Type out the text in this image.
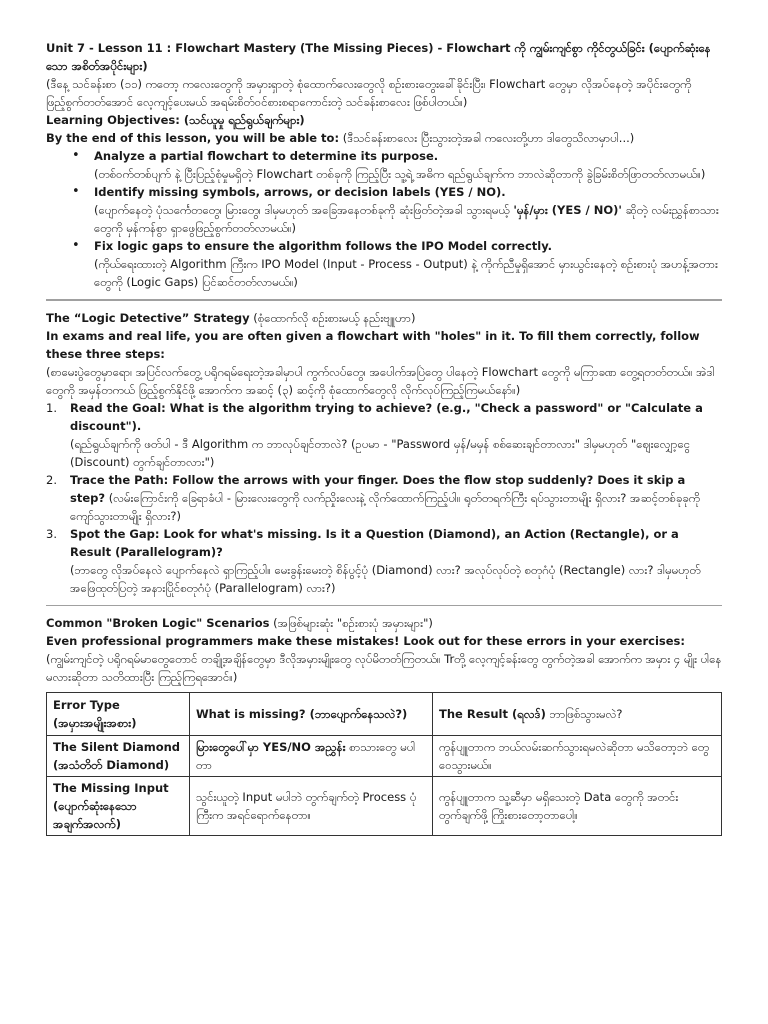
Unit 7 - Lesson 11 : Flowchart Mastery (The Missing Pieces) - Flowchart ကို ကျွမ်းကျင်စွာ ကိုင်တွယ်ခြင်း (ပျောက်ဆုံးနေသော အစိတ်အပိုင်းများ)

(ဒီနေ့ သင်ခန်းစာ (၁၁) ကတော့ ကလေးတွေကို အမှားရှာတဲ့ စုံထောက်လေးတွေလို စဉ်းစားတွေးခေါ်ခိုင်းပြီး၊ Flowchart တွေမှာ လိုအပ်နေတဲ့ အပိုင်းတွေကို ဖြည့်စွက်တတ်အောင် လေ့ကျင့်ပေးမယ် အရမ်းစိတ်ဝင်စားစရာကောင်းတဲ့ သင်ခန်းစာလေး ဖြစ်ပါတယ်။)

Learning Objectives: (သင်ယူမှု ရည်ရွယ်ချက်များ)

By the end of this lesson, you will be able to: (ဒီသင်ခန်းစာလေး ပြီးသွားတဲ့အခါ ကလေးတို့ဟာ ဒါတွေသိလာမှာပါ...)

• Analyze a partial flowchart to determine its purpose.

(တစ်ဝက်တစ်ပျက် နဲ့ ပြီးပြည့်စုံမှုမရှိတဲ့ Flowchart တစ်ခုကို ကြည့်ပြီး သူ့ရဲ့ အဓိက ရည်ရွယ်ချက်က ဘာလဲဆိုတာကို ခွဲခြမ်းစိတ်ဖြာတတ်လာမယ်။)

• Identify missing symbols, arrows, or decision labels (YES / NO).

(ပျောက်နေတဲ့ ပုံသင်္ကေတတွေ၊ မြားတွေ၊ ဒါမှမဟုတ် အခြေအနေတစ်ခုကို ဆုံးဖြတ်တဲ့အခါ သွားရမယ့် 'မှန်/မှား (YES / NO)' ဆိုတဲ့ လမ်းညွှန်စာသားတွေကို မှန်ကန်စွာ ရှာဖွေဖြည့်စွက်တတ်လာမယ်။)

• Fix logic gaps to ensure the algorithm follows the IPO Model correctly.

(ကိုယ်ရေးထားတဲ့ Algorithm ကြီးက IPO Model (Input - Process - Output) နဲ့ ကိုက်ညီမှုရှိအောင် မှားယွင်းနေတဲ့ စဉ်းစားပုံ အဟန့်အတားတွေကို (Logic Gaps) ပြင်ဆင်တတ်လာမယ်။)

The “Logic Detective” Strategy (စုံထောက်လို စဉ်းစားမယ့် နည်းဗျူဟာ)

In exams and real life, you are often given a flowchart with "holes" in it. To fill them correctly, follow these three steps:

(စာမေးပွဲတွေမှာရော၊ အပြင်လက်တွေ့ ပရိုဂရမ်ရေးတဲ့အခါမှာပါ ကွက်လပ်တွေ၊ အပေါက်အပြဲတွေ ပါနေတဲ့ Flowchart တွေကို မကြာခဏ တွေ့ရတတ်တယ်။ အဲဒါတွေကို အမှန်တကယ် ဖြည့်စွက်နိုင်ဖို့ အောက်က အဆင့် (၃) ဆင့်ကို စုံထောက်တွေလို လိုက်လုပ်ကြည့်ကြမယ်နော်။)

1. Read the Goal: What is the algorithm trying to achieve? (e.g., "Check a password" or "Calculate a discount").

(ရည်ရွယ်ချက်ကို ဖတ်ပါ - ဒီ Algorithm က ဘာလုပ်ချင်တာလဲ? (ဥပမာ - "Password မှန်/မမှန် စစ်ဆေးချင်တာလား" ဒါမှမဟုတ် "ဈေးလျှော့ငွေ (Discount) တွက်ချင်တာလား")

2. Trace the Path: Follow the arrows with your finger. Does the flow stop suddenly? Does it skip a step? (လမ်းကြောင်းကို ခြေရာခံပါ - မြားလေးတွေကို လက်ညှိုးလေးနဲ့ လိုက်ထောက်ကြည့်ပါ။ ရုတ်တရက်ကြီး ရပ်သွားတာမျိုး ရှိလား? အဆင့်တစ်ခုခုကို ကျော်သွားတာမျိုး ရှိလား?)

3. Spot the Gap: Look for what's missing. Is it a Question (Diamond), an Action (Rectangle), or a Result (Parallelogram)?

(ဘာတွေ လိုအပ်နေလဲ ပျောက်နေလဲ ရှာကြည့်ပါ။ မေးခွန်းမေးတဲ့ စိန်ပွင့်ပုံ (Diamond) လား? အလုပ်လုပ်တဲ့ စတုဂံပုံ (Rectangle) လား? ဒါမှမဟုတ် အဖြေထုတ်ပြတဲ့ အနားပြိုင်စတုဂံပုံ (Parallelogram) လား?)

Common "Broken Logic" Scenarios (အဖြစ်များဆုံး "စဉ်းစားပုံ အမှားများ")

Even professional programmers make these mistakes! Look out for these errors in your exercises:

(ကျွမ်းကျင်တဲ့ ပရိုဂရမ်မာတွေတောင် တချို့အချိန်တွေမှာ ဒီလိုအမှားမျိုးတွေ လုပ်မိတတ်ကြတယ်။ Trတို့ လေ့ကျင့်ခန်းတွေ တွက်တဲ့အခါ အောက်က အမှား ၄ မျိုး ပါနေမလားဆိုတာ သတိထားပြီး ကြည့်ကြရအောင်။)

Error Type
(အမှားအမျိုးအစား)	What is missing? (ဘာပျောက်နေသလဲ?)	The Result (ရလဒ်) ဘာဖြစ်သွားမလဲ?
The Silent Diamond
(အသံတိတ် Diamond)	မြားတွေပေါ်မှာ YES/NO အညွှန်း စာသားတွေ မပါတာ	ကွန်ပျူတာက ဘယ်လမ်းဆက်သွားရမလဲဆိုတာ မသိတော့ဘဲ တွေဝေသွားမယ်။
The Missing Input
(ပျောက်ဆုံးနေသော
အချက်အလက်)	သွင်းယူတဲ့ Input မပါဘဲ တွက်ချက်တဲ့ Process ပုံကြီးက အရင်ရောက်နေတာ။	ကွန်ပျူတာက သူ့ဆီမှာ မရှိသေးတဲ့ Data တွေကို အတင်းတွက်ချက်ဖို့ ကြိုးစားတော့တာပေါ့။
